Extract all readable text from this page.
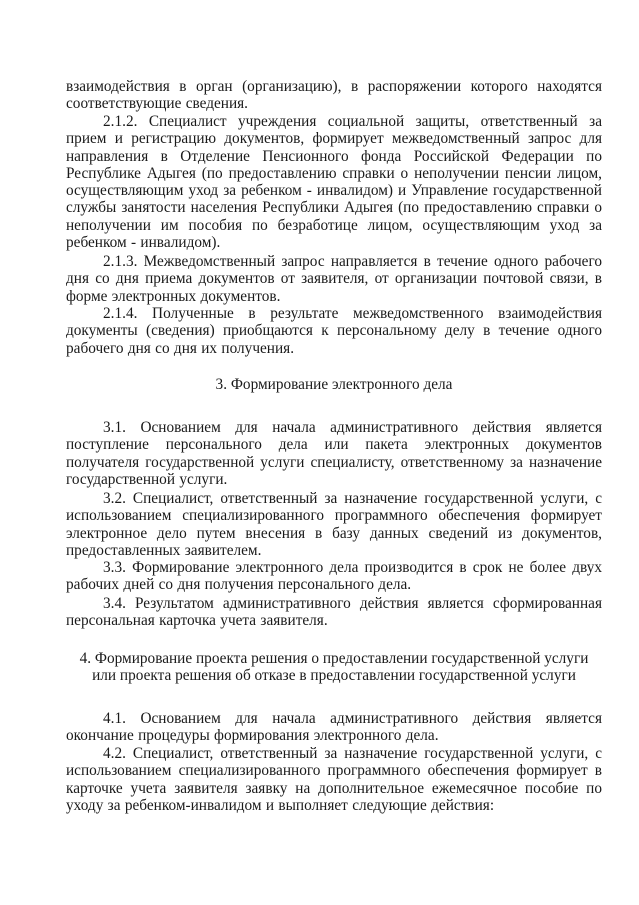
взаимодействия в орган (организацию), в распоряжении которого находятся соответствующие сведения.

2.1.2. Специалист учреждения социальной защиты, ответственный за прием и регистрацию документов, формирует межведомственный запрос для направления в Отделение Пенсионного фонда Российской Федерации по Республике Адыгея (по предоставлению справки о неполучении пенсии лицом, осуществляющим уход за ребенком - инвалидом) и Управление государственной службы занятости населения Республики Адыгея (по предоставлению справки о неполучении им пособия по безработице лицом, осуществляющим уход за ребенком - инвалидом).

2.1.3. Межведомственный запрос направляется в течение одного рабочего дня со дня приема документов от заявителя, от организации почтовой связи, в форме электронных документов.

2.1.4. Полученные в результате межведомственного взаимодействия документы (сведения) приобщаются к персональному делу в течение одного рабочего дня со дня их получения.

3. Формирование электронного дела

3.1. Основанием для начала административного действия является поступление персонального дела или пакета электронных документов получателя государственной услуги специалисту, ответственному за назначение государственной услуги.

3.2. Специалист, ответственный за назначение государственной услуги, с использованием специализированного программного обеспечения формирует электронное дело путем внесения в базу данных сведений из документов, предоставленных заявителем.

3.3. Формирование электронного дела производится в срок не более двух рабочих дней со дня получения персонального дела.

3.4. Результатом административного действия является сформированная персональная карточка учета заявителя.

4. Формирование проекта решения о предоставлении государственной услуги

или проекта решения об отказе в предоставлении государственной услуги

4.1. Основанием для начала административного действия является окончание процедуры формирования электронного дела.

4.2. Специалист, ответственный за назначение государственной услуги, с использованием специализированного программного обеспечения формирует в карточке учета заявителя заявку на дополнительное ежемесячное пособие по уходу за ребенком-инвалидом и выполняет следующие действия:
